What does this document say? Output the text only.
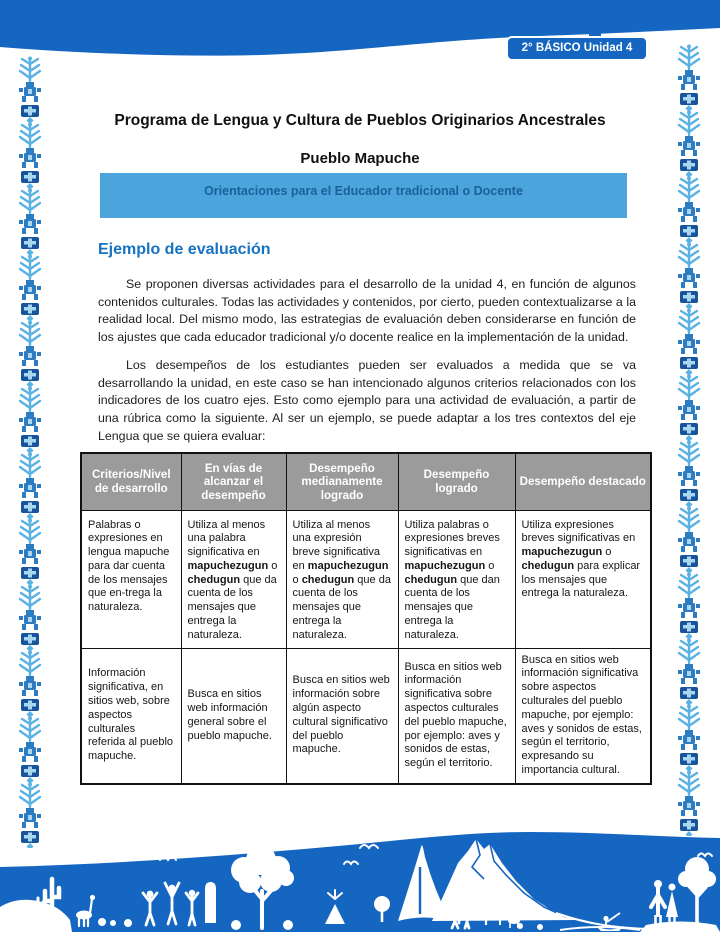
2° BÁSICO Unidad 4
Programa de Lengua y Cultura de Pueblos Originarios Ancestrales
Pueblo Mapuche
Orientaciones para el Educador tradicional o Docente
Ejemplo de evaluación

Se proponen diversas actividades para el desarrollo de la unidad 4, en función de algunos contenidos culturales. Todas las actividades y contenidos, por cierto, pueden contextualizarse a la realidad local. Del mismo modo, las estrategias de evaluación deben considerarse en función de los ajustes que cada educador tradicional y/o docente realice en la implementación de la unidad.

Los desempeños de los estudiantes pueden ser evaluados a medida que se va desarrollando la unidad, en este caso se han intencionado algunos criterios relacionados con los indicadores de los cuatro ejes. Esto como ejemplo para una actividad de evaluación, a partir de una rúbrica como la siguiente. Al ser un ejemplo, se puede adaptar a los tres contextos del eje Lengua que se quiera evaluar:

Criterios/Nivel de desarrollo	En vías de alcanzar el desempeño	Desempeño medianamente logrado	Desempeño logrado	Desempeño destacado
Palabras o expresiones en lengua mapuche para dar cuenta de los mensajes que en-trega la naturaleza.	Utiliza al menos una palabra significativa en mapuchezugun o chedugun que da cuenta de los mensajes que entrega la naturaleza.	Utiliza al menos una expresión breve significativa en mapuchezugun o chedugun que da cuenta de los mensajes que entrega la naturaleza.	Utiliza palabras o expresiones breves significativas en mapuchezugun o chedugun que dan cuenta de los mensajes que entrega la naturaleza.	Utiliza expresiones breves significativas en mapuchezugun o chedugun para explicar los mensajes que entrega la naturaleza.
Información significativa, en sitios web, sobre aspectos culturales referida al pueblo mapuche.	Busca en sitios web información general sobre el pueblo mapuche.	Busca en sitios web información sobre algún aspecto cultural significativo del pueblo mapuche.	Busca en sitios web información significativa sobre aspectos culturales del pueblo mapuche, por ejemplo: aves y sonidos de estas, según el territorio.	Busca en sitios web información significativa sobre aspectos culturales del pueblo mapuche, por ejemplo: aves y sonidos de estas, según el territorio, expresando su importancia cultural.
